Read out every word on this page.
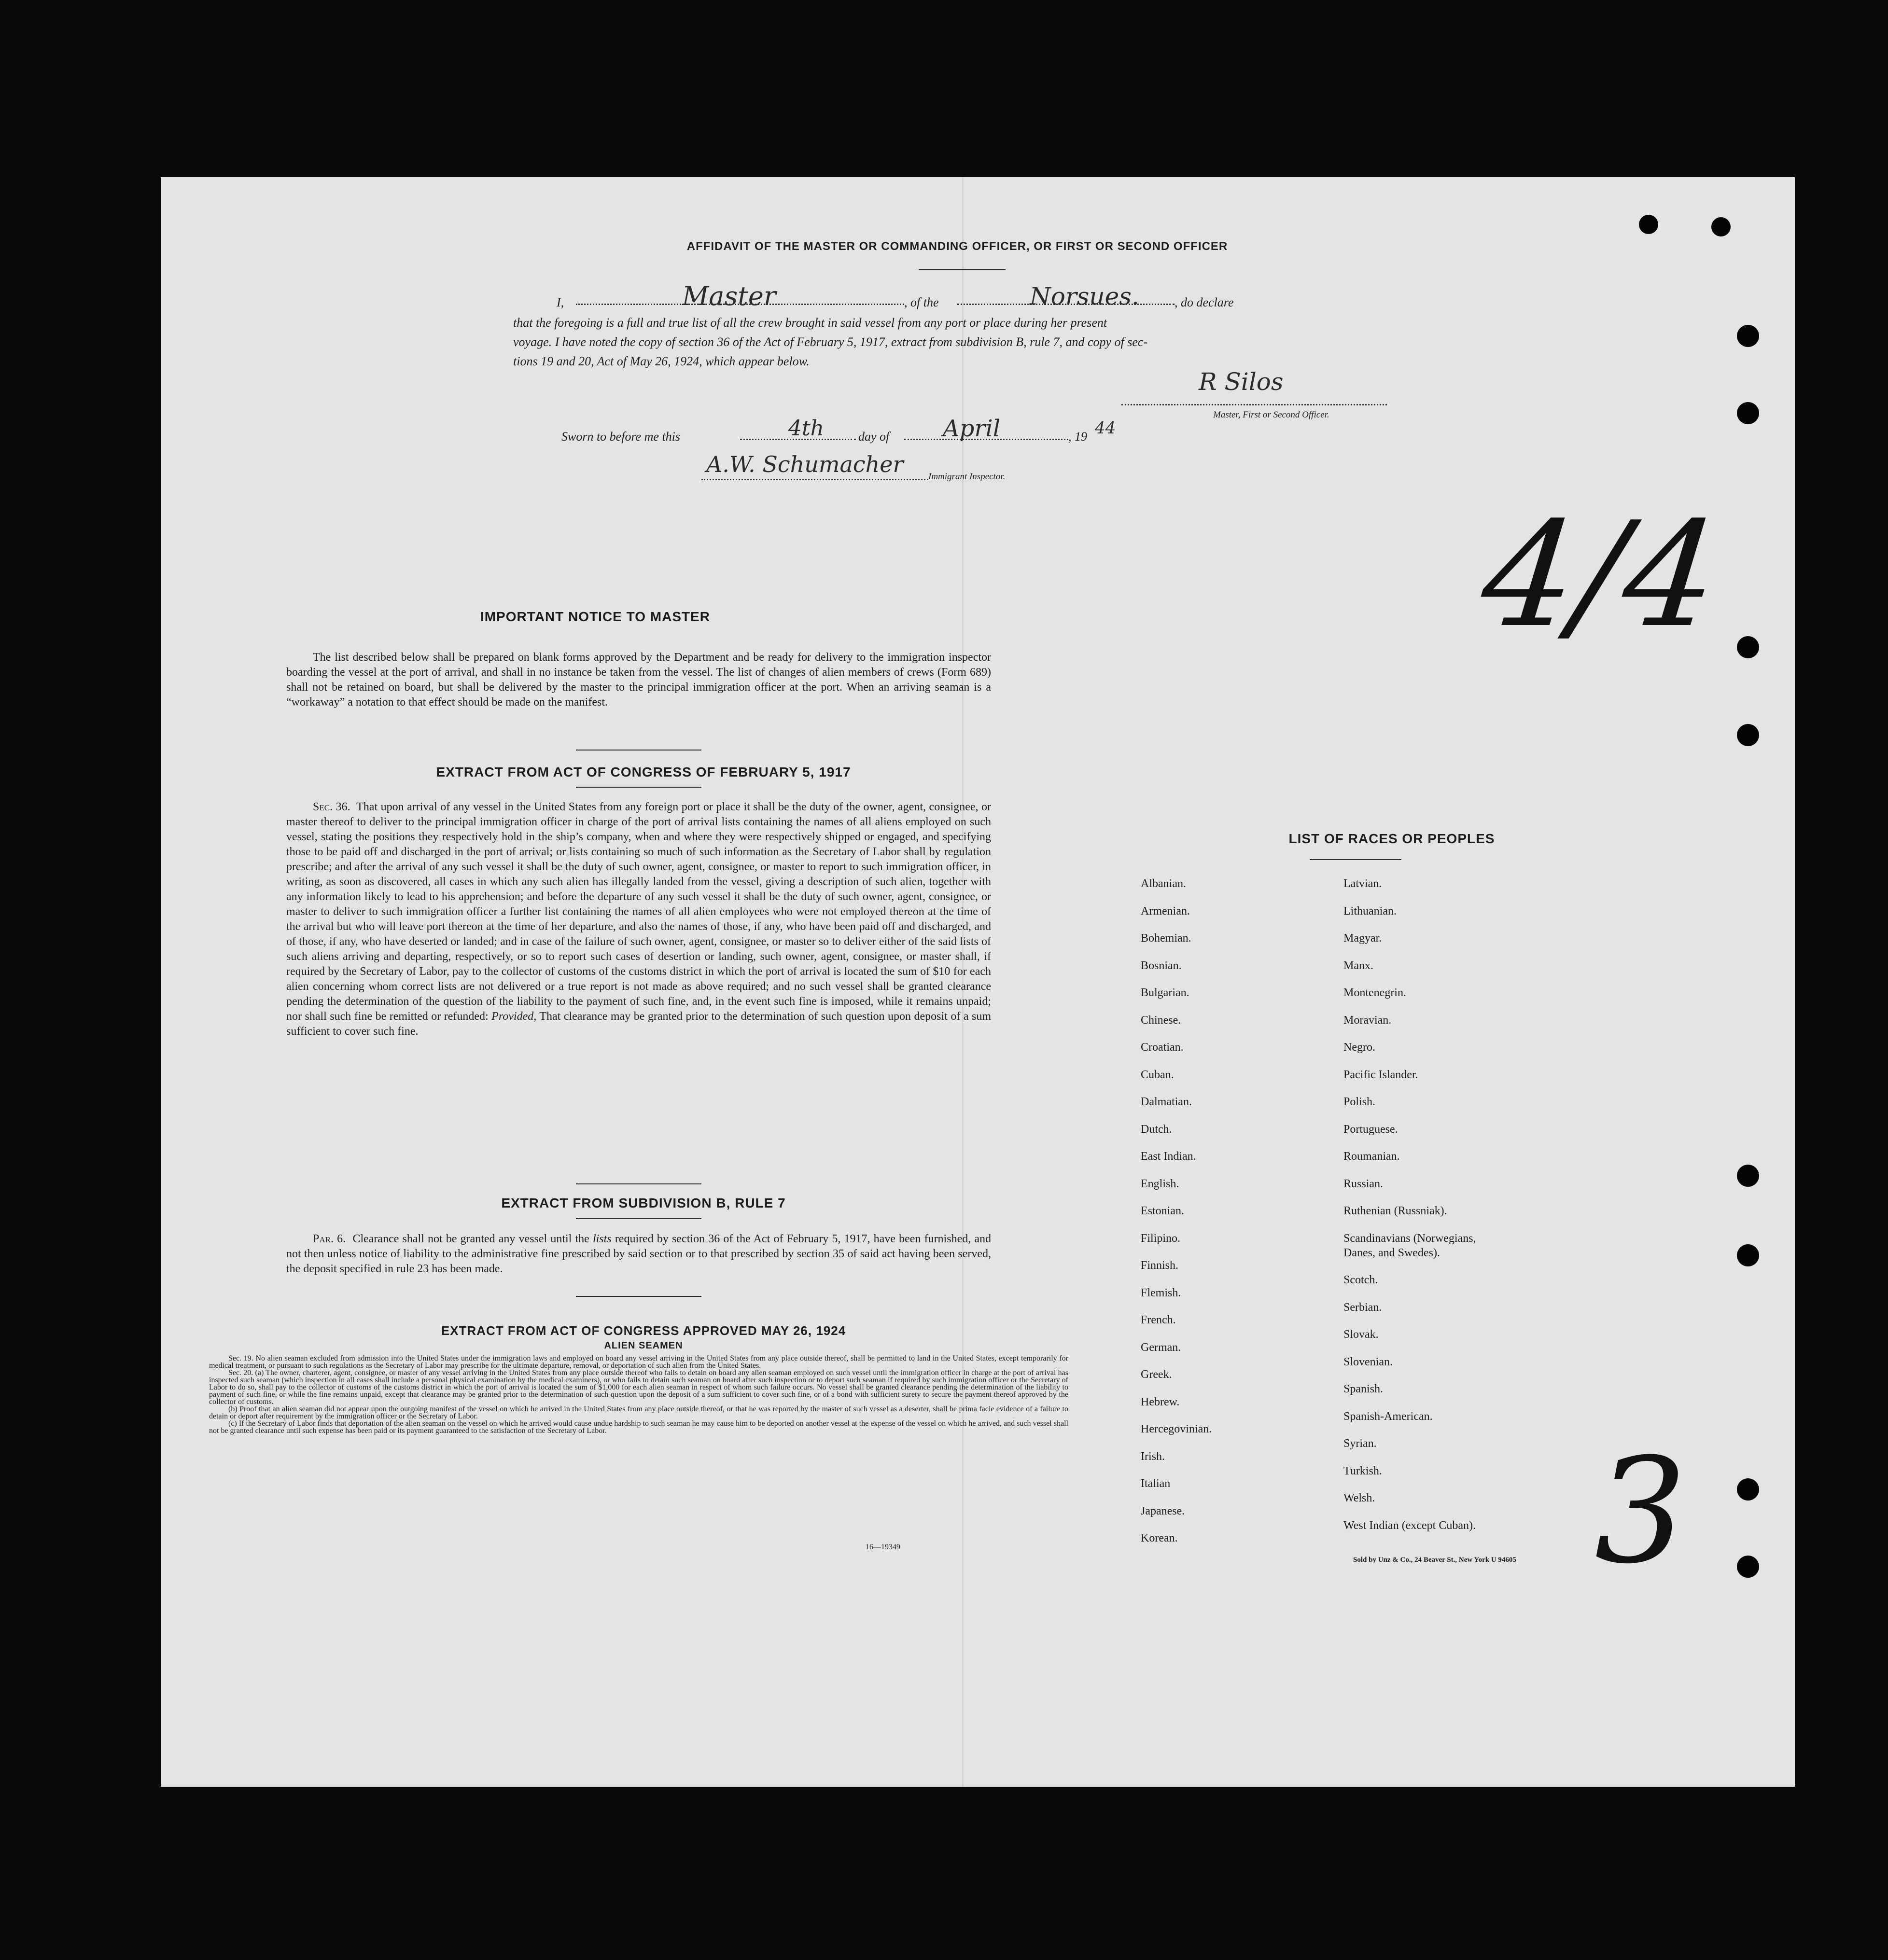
AFFIDAVIT OF THE MASTER OR COMMANDING OFFICER, OR FIRST OR SECOND OFFICER
I,	Master	, of the	Norsues.	, do declare
that the foregoing is a full and true list of all the crew brought in said vessel from any port or place during her present
voyage. I have noted the copy of section 36 of the Act of February 5, 1917, extract from subdivision B, rule 7, and copy of sec-
tions 19 and 20, Act of May 26, 1924, which appear below.
R Silos
Master, First or Second Officer.
Sworn to before me this	4th	day of April	, 19 44
A.W. Schumacher	Immigrant Inspector.
4/4
3
IMPORTANT NOTICE TO MASTER
The list described below shall be prepared on blank forms approved by the Department and be ready for delivery to the immigration inspector boarding the vessel at the port of arrival, and shall in no instance be taken from the vessel. The list of changes of alien members of crews (Form 689) shall not be retained on board, but shall be delivered by the master to the principal immigration officer at the port. When an arriving seaman is a “workaway” a notation to that effect should be made on the manifest.
EXTRACT FROM ACT OF CONGRESS OF FEBRUARY 5, 1917
Sec. 36. That upon arrival of any vessel in the United States from any foreign port or place it shall be the duty of the owner, agent, consignee, or master thereof to deliver to the principal immigration officer in charge of the port of arrival lists containing the names of all aliens employed on such vessel, stating the positions they respectively hold in the ship’s company, when and where they were respectively shipped or engaged, and specifying those to be paid off and discharged in the port of arrival; or lists containing so much of such information as the Secretary of Labor shall by regulation prescribe; and after the arrival of any such vessel it shall be the duty of such owner, agent, consignee, or master to report to such immigration officer, in writing, as soon as discovered, all cases in which any such alien has illegally landed from the vessel, giving a description of such alien, together with any information likely to lead to his apprehension; and before the departure of any such vessel it shall be the duty of such owner, agent, consignee, or master to deliver to such immigration officer a further list containing the names of all alien employees who were not employed thereon at the time of the arrival but who will leave port thereon at the time of her departure, and also the names of those, if any, who have been paid off and discharged, and of those, if any, who have deserted or landed; and in case of the failure of such owner, agent, consignee, or master so to deliver either of the said lists of such aliens arriving and departing, respectively, or so to report such cases of desertion or landing, such owner, agent, consignee, or master shall, if required by the Secretary of Labor, pay to the collector of customs of the customs district in which the port of arrival is located the sum of $10 for each alien concerning whom correct lists are not delivered or a true report is not made as above required; and no such vessel shall be granted clearance pending the determination of the question of the liability to the payment of such fine, and, in the event such fine is imposed, while it remains unpaid; nor shall such fine be remitted or refunded: Provided, That clearance may be granted prior to the determination of such question upon deposit of a sum sufficient to cover such fine.
EXTRACT FROM SUBDIVISION B, RULE 7
Par. 6. Clearance shall not be granted any vessel until the lists required by section 36 of the Act of February 5, 1917, have been furnished, and not then unless notice of liability to the administrative fine prescribed by said section or to that prescribed by section 35 of said act having been served, the deposit specified in rule 23 has been made.
EXTRACT FROM ACT OF CONGRESS APPROVED MAY 26, 1924
ALIEN SEAMEN
Sec. 19. No alien seaman excluded from admission into the United States under the immigration laws and employed on board any vessel arriving in the United States from any place outside thereof, shall be permitted to land in the United States, except temporarily for medical treatment, or pursuant to such regulations as the Secretary of Labor may prescribe for the ultimate departure, removal, or deportation of such alien from the United States.
Sec. 20. (a) The owner, charterer, agent, consignee, or master of any vessel arriving in the United States from any place outside thereof who fails to detain on board any alien seaman employed on such vessel until the immigration officer in charge at the port of arrival has inspected such seaman (which inspection in all cases shall include a personal physical examination by the medical examiners), or who fails to detain such seaman on board after such inspection or to deport such seaman if required by such immigration officer or the Secretary of Labor to do so, shall pay to the collector of customs of the customs district in which the port of arrival is located the sum of $1,000 for each alien seaman in respect of whom such failure occurs. No vessel shall be granted clearance pending the determination of the liability to payment of such fine, or while the fine remains unpaid, except that clearance may be granted prior to the determination of such question upon the deposit of a sum sufficient to cover such fine, or of a bond with sufficient surety to secure the payment thereof approved by the collector of customs.
(b) Proof that an alien seaman did not appear upon the outgoing manifest of the vessel on which he arrived in the United States from any place outside thereof, or that he was reported by the master of such vessel as a deserter, shall be prima facie evidence of a failure to detain or deport after requirement by the immigration officer or the Secretary of Labor.
(c) If the Secretary of Labor finds that deportation of the alien seaman on the vessel on which he arrived would cause undue hardship to such seaman he may cause him to be deported on another vessel at the expense of the vessel on which he arrived, and such vessel shall not be granted clearance until such expense has been paid or its payment guaranteed to the satisfaction of the Secretary of Labor.
16—19349
LIST OF RACES OR PEOPLES
Albanian.
Armenian.
Bohemian.
Bosnian.
Bulgarian.
Chinese.
Croatian.
Cuban.
Dalmatian.
Dutch.
East Indian.
English.
Estonian.
Filipino.
Finnish.
Flemish.
French.
German.
Greek.
Hebrew.
Hercegovinian.
Irish.
Italian
Japanese.
Korean.
Latvian.
Lithuanian.
Magyar.
Manx.
Montenegrin.
Moravian.
Negro.
Pacific Islander.
Polish.
Portuguese.
Roumanian.
Russian.
Ruthenian (Russniak).
Scandinavians (Norwegians,
Danes, and Swedes).
Scotch.
Serbian.
Slovak.
Slovenian.
Spanish.
Spanish-American.
Syrian.
Turkish.
Welsh.
West Indian (except Cuban).
Sold by Unz & Co., 24 Beaver St., New York U 94605
